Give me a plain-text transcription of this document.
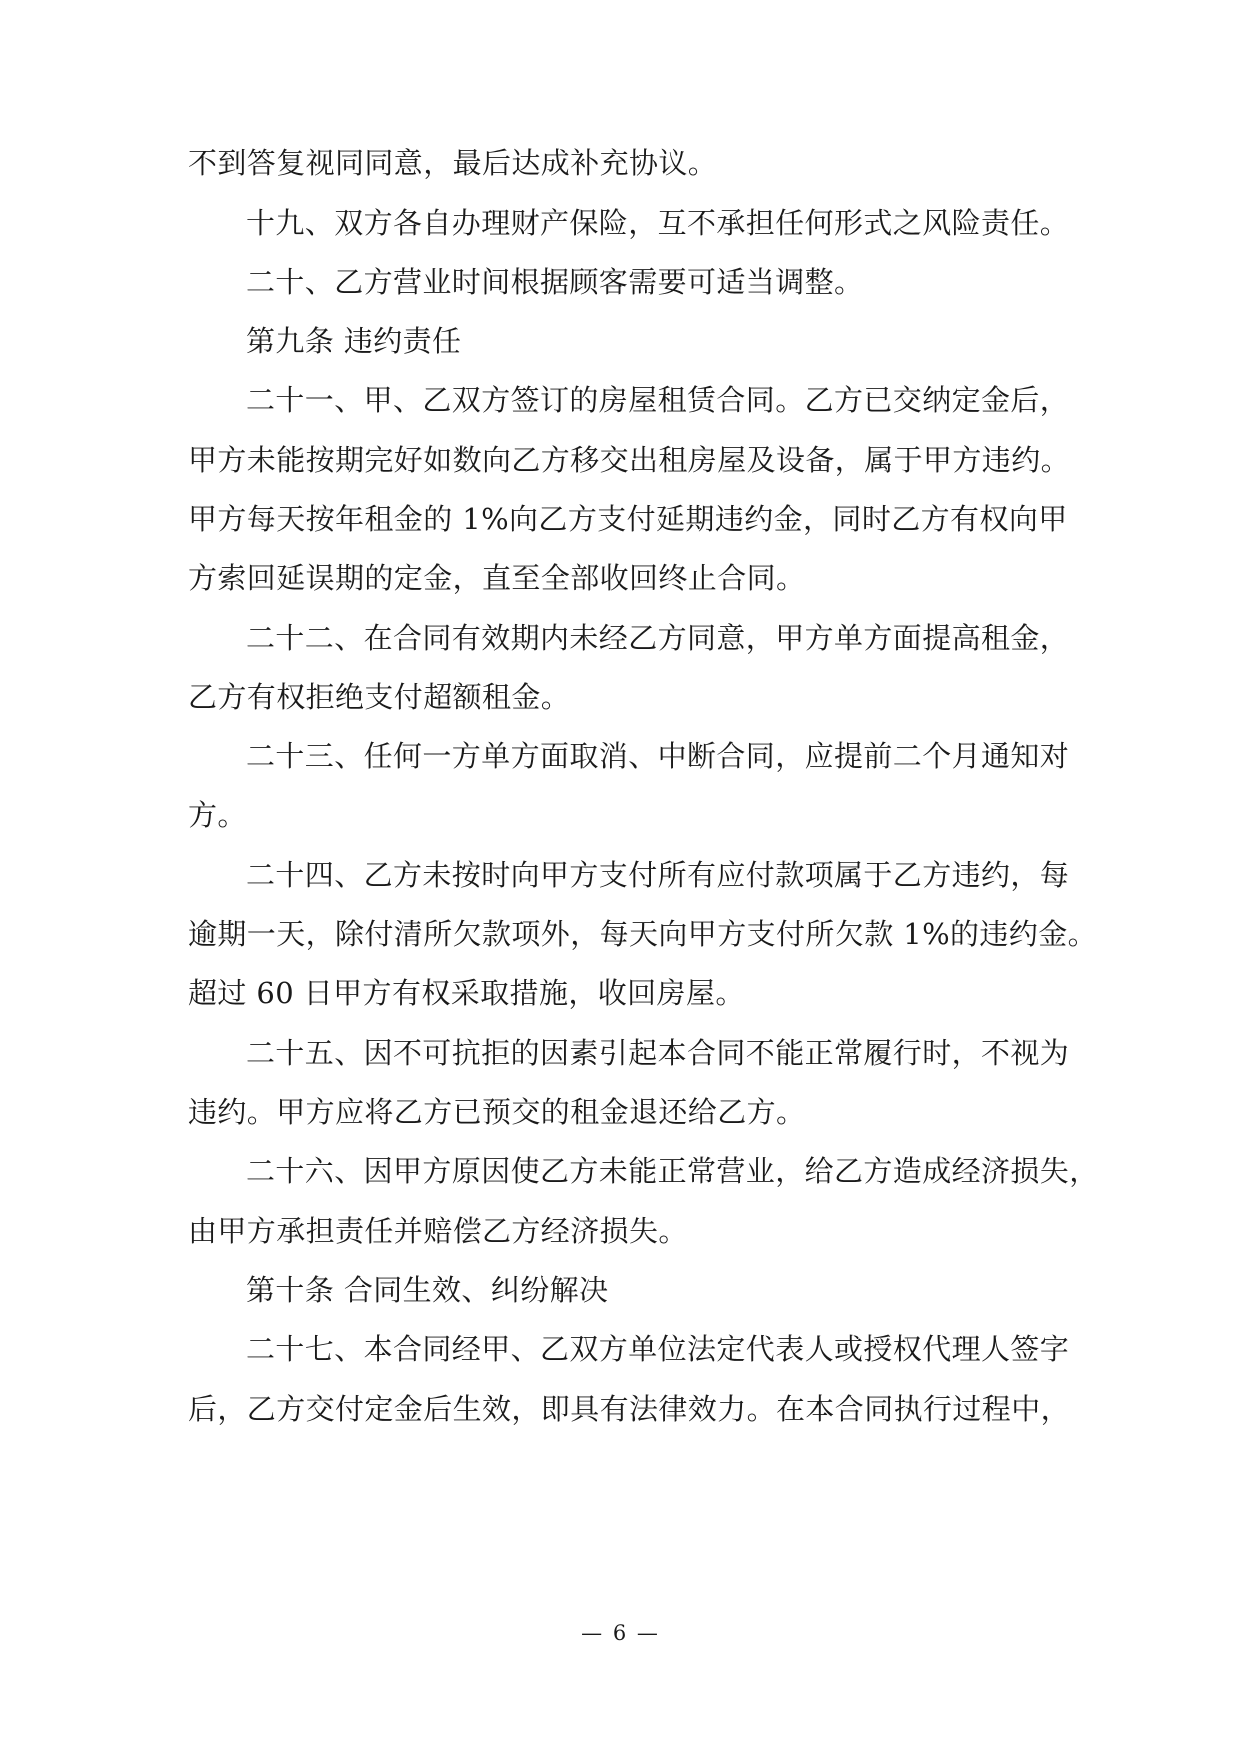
不到答复视同同意，最后达成补充协议。
十九、双方各自办理财产保险，互不承担任何形式之风险责任。
二十、乙方营业时间根据顾客需要可适当调整。
第九条 违约责任
二十一、甲、乙双方签订的房屋租赁合同。乙方已交纳定金后，
甲方未能按期完好如数向乙方移交出租房屋及设备，属于甲方违约。
甲方每天按年租金的 1%向乙方支付延期违约金，同时乙方有权向甲
方索回延误期的定金，直至全部收回终止合同。
二十二、在合同有效期内未经乙方同意，甲方单方面提高租金，
乙方有权拒绝支付超额租金。
二十三、任何一方单方面取消、中断合同，应提前二个月通知对
方。
二十四、乙方未按时向甲方支付所有应付款项属于乙方违约，每
逾期一天，除付清所欠款项外，每天向甲方支付所欠款 1%的违约金。
超过 60 日甲方有权采取措施，收回房屋。
二十五、因不可抗拒的因素引起本合同不能正常履行时，不视为
违约。甲方应将乙方已预交的租金退还给乙方。
二十六、因甲方原因使乙方未能正常营业，给乙方造成经济损失，
由甲方承担责任并赔偿乙方经济损失。
第十条 合同生效、纠纷解决
二十七、本合同经甲、乙双方单位法定代表人或授权代理人签字
后，乙方交付定金后生效，即具有法律效力。在本合同执行过程中，
— 6 —
